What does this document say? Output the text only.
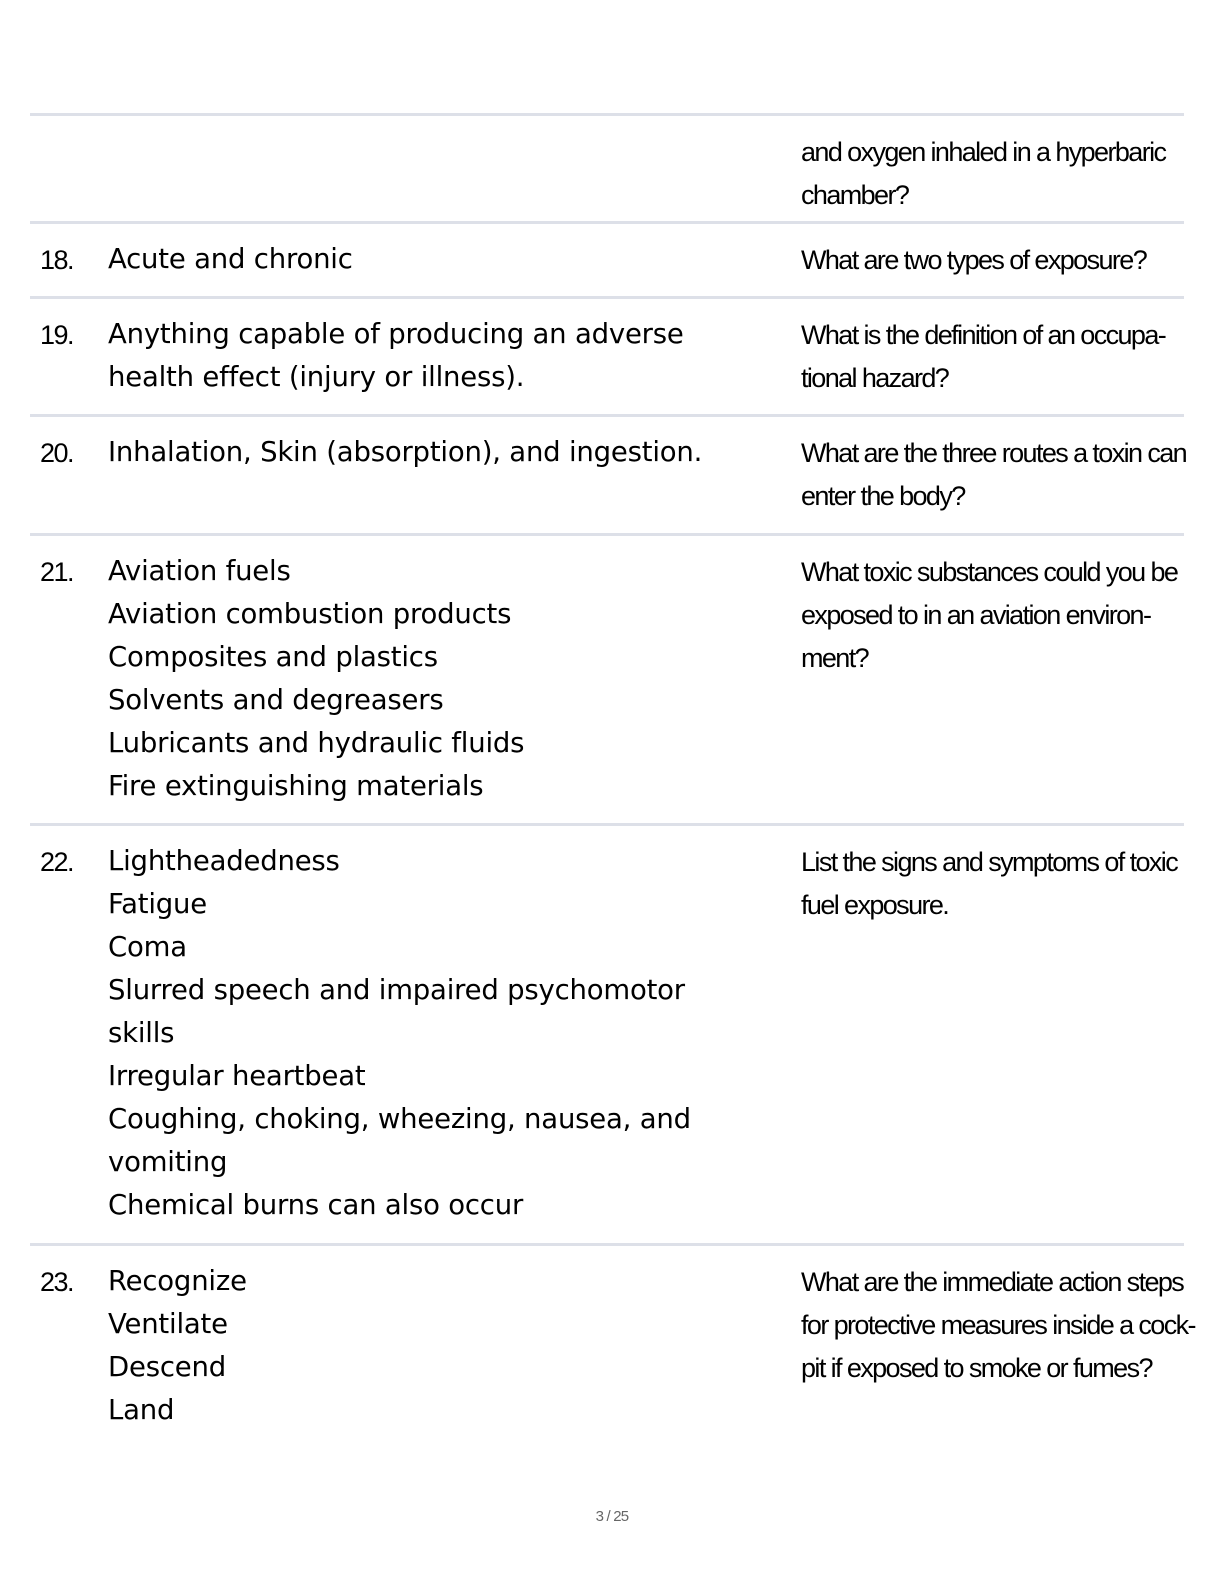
and oxygen inhaled in a hyperbaric
chamber?
18. Acute and chronic	What are two types of exposure?
19. Anything capable of producing an adverse
health effect (injury or illness).
What is the definition of an occupa-
tional hazard?
20. Inhalation, Skin (absorption), and ingestion.	What are the three routes a toxin can
enter the body?
21. Aviation fuels
Aviation combustion products
Composites and plastics
Solvents and degreasers
Lubricants and hydraulic fluids
Fire extinguishing materials
What toxic substances could you be
exposed to in an aviation environ-
ment?
22. Lightheadedness
Fatigue
Coma
Slurred speech and impaired psychomotor
skills
Irregular heartbeat
Coughing, choking, wheezing, nausea, and
vomiting
Chemical burns can also occur
List the signs and symptoms of toxic
fuel exposure.
23. Recognize
Ventilate
Descend
Land
What are the immediate action steps
for protective measures inside a cock-
pit if exposed to smoke or fumes?
3 / 25
